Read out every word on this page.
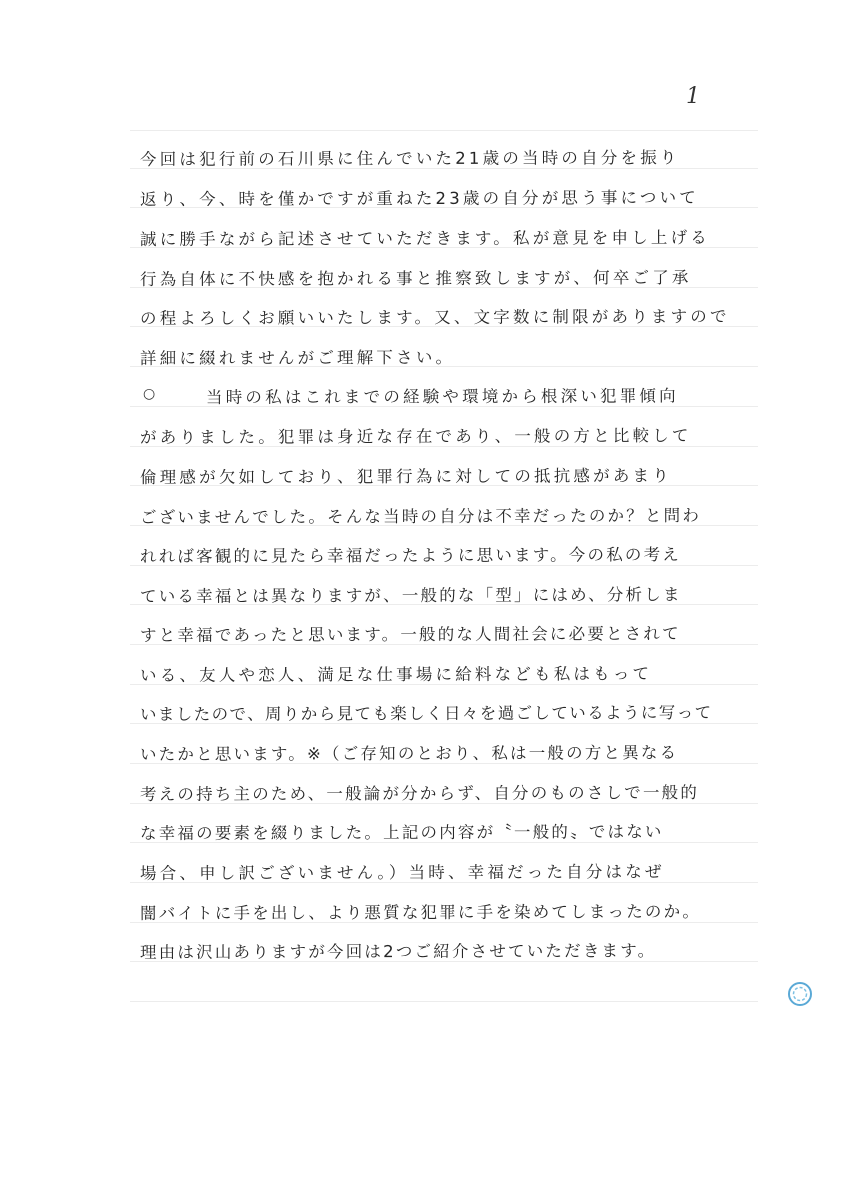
1
今回は犯行前の石川県に住んでいた21歳の当時の自分を振り
返り、今、時を僅かですが重ねた23歳の自分が思う事について
誠に勝手ながら記述させていただきます。私が意見を申し上げる
行為自体に不快感を抱かれる事と推察致しますが、何卒ご了承
の程よろしくお願いいたします。又、文字数に制限がありますので
詳細に綴れませんがご理解下さい。
○	当時の私はこれまでの経験や環境から根深い犯罪傾向
がありました。犯罪は身近な存在であり、一般の方と比較して
倫理感が欠如しており、犯罪行為に対しての抵抗感があまり
ございませんでした。そんな当時の自分は不幸だったのか？と問わ
れれば客観的に見たら幸福だったように思います。今の私の考え
ている幸福とは異なりますが、一般的な「型」にはめ、分析しま
すと幸福であったと思います。一般的な人間社会に必要とされて
いる、友人や恋人、満足な仕事場に給料なども私はもって
いましたので、周りから見ても楽しく日々を過ごしているように写って
いたかと思います。※（ご存知のとおり、私は一般の方と異なる
考えの持ち主のため、一般論が分からず、自分のものさしで一般的
な幸福の要素を綴りました。上記の内容が〝一般的〟ではない
場合、申し訳ございません。）当時、幸福だった自分はなぜ
闇バイトに手を出し、より悪質な犯罪に手を染めてしまったのか。
理由は沢山ありますが今回は2つご紹介させていただきます。
